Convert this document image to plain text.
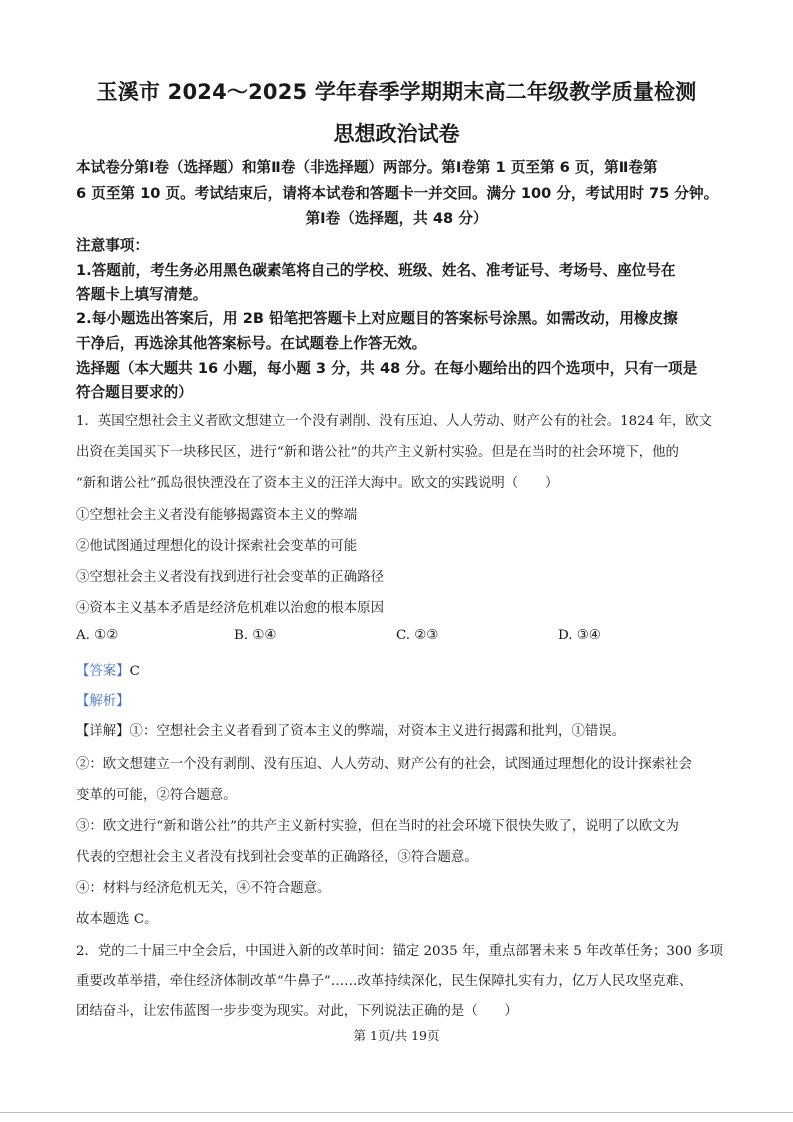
玉溪市 2024～2025 学年春季学期期末高二年级教学质量检测
思想政治试卷
本试卷分第Ⅰ卷（选择题）和第Ⅱ卷（非选择题）两部分。第Ⅰ卷第 1 页至第 6 页，第Ⅱ卷第
6 页至第 10 页。考试结束后，请将本试卷和答题卡一并交回。满分 100 分，考试用时 75 分钟。
第Ⅰ卷（选择题，共 48 分）
注意事项：
1.答题前，考生务必用黑色碳素笔将自己的学校、班级、姓名、准考证号、考场号、座位号在
答题卡上填写清楚。
2.每小题选出答案后，用 2B 铅笔把答题卡上对应题目的答案标号涂黑。如需改动，用橡皮擦
干净后，再选涂其他答案标号。在试题卷上作答无效。
选择题（本大题共 16 小题，每小题 3 分，共 48 分。在每小题给出的四个选项中，只有一项是
符合题目要求的）
1．英国空想社会主义者欧文想建立一个没有剥削、没有压迫、人人劳动、财产公有的社会。1824 年，欧文
出资在美国买下一块移民区，进行“新和谐公社”的共产主义新村实验。但是在当时的社会环境下，他的
“新和谐公社”孤岛很快湮没在了资本主义的汪洋大海中。欧文的实践说明（　　）
①空想社会主义者没有能够揭露资本主义的弊端
②他试图通过理想化的设计探索社会变革的可能
③空想社会主义者没有找到进行社会变革的正确路径
④资本主义基本矛盾是经济危机难以治愈的根本原因
A. ①②	B. ①④	C. ②③	D. ③④
【答案】C
【解析】
【详解】①：空想社会主义者看到了资本主义的弊端，对资本主义进行揭露和批判，①错误。
②：欧文想建立一个没有剥削、没有压迫、人人劳动、财产公有的社会，试图通过理想化的设计探索社会
变革的可能，②符合题意。
③：欧文进行“新和谐公社”的共产主义新村实验，但在当时的社会环境下很快失败了，说明了以欧文为
代表的空想社会主义者没有找到社会变革的正确路径，③符合题意。
④：材料与经济危机无关，④不符合题意。
故本题选 C。
2．党的二十届三中全会后，中国进入新的改革时间：锚定 2035 年，重点部署未来 5 年改革任务；300 多项
重要改革举措，牵住经济体制改革“牛鼻子”……改革持续深化，民生保障扎实有力，亿万人民攻坚克难、
团结奋斗，让宏伟蓝图一步步变为现实。对此，下列说法正确的是（　　）
第 1页/共 19页
